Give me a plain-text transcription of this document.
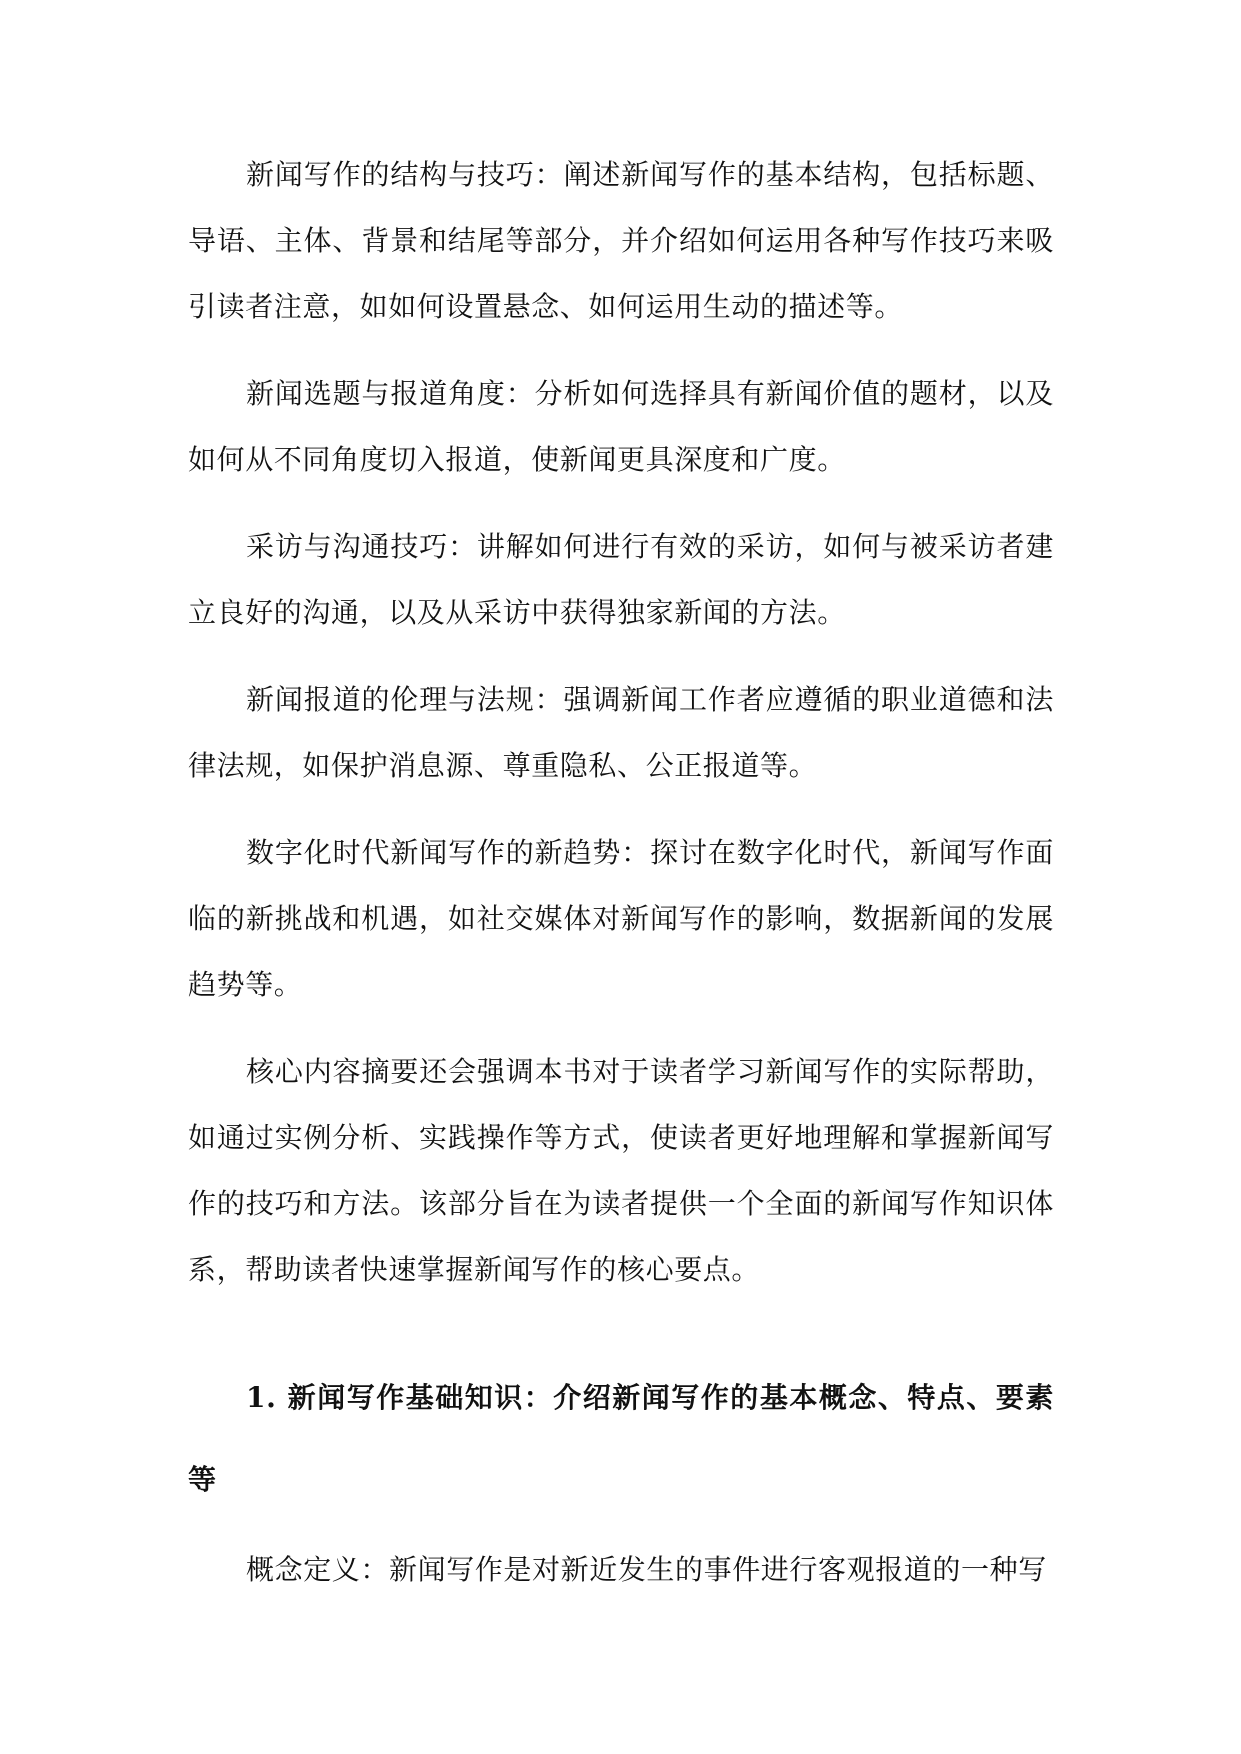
新闻写作的结构与技巧：阐述新闻写作的基本结构，包括标题、导语、主体、背景和结尾等部分，并介绍如何运用各种写作技巧来吸引读者注意，如如何设置悬念、如何运用生动的描述等。

新闻选题与报道角度：分析如何选择具有新闻价值的题材，以及如何从不同角度切入报道，使新闻更具深度和广度。

采访与沟通技巧：讲解如何进行有效的采访，如何与被采访者建立良好的沟通，以及从采访中获得独家新闻的方法。

新闻报道的伦理与法规：强调新闻工作者应遵循的职业道德和法律法规，如保护消息源、尊重隐私、公正报道等。

数字化时代新闻写作的新趋势：探讨在数字化时代，新闻写作面临的新挑战和机遇，如社交媒体对新闻写作的影响，数据新闻的发展趋势等。

核心内容摘要还会强调本书对于读者学习新闻写作的实际帮助，如通过实例分析、实践操作等方式，使读者更好地理解和掌握新闻写作的技巧和方法。该部分旨在为读者提供一个全面的新闻写作知识体系，帮助读者快速掌握新闻写作的核心要点。

1. 新闻写作基础知识：介绍新闻写作的基本概念、特点、要素等

概念定义：新闻写作是对新近发生的事件进行客观报道的一种写
